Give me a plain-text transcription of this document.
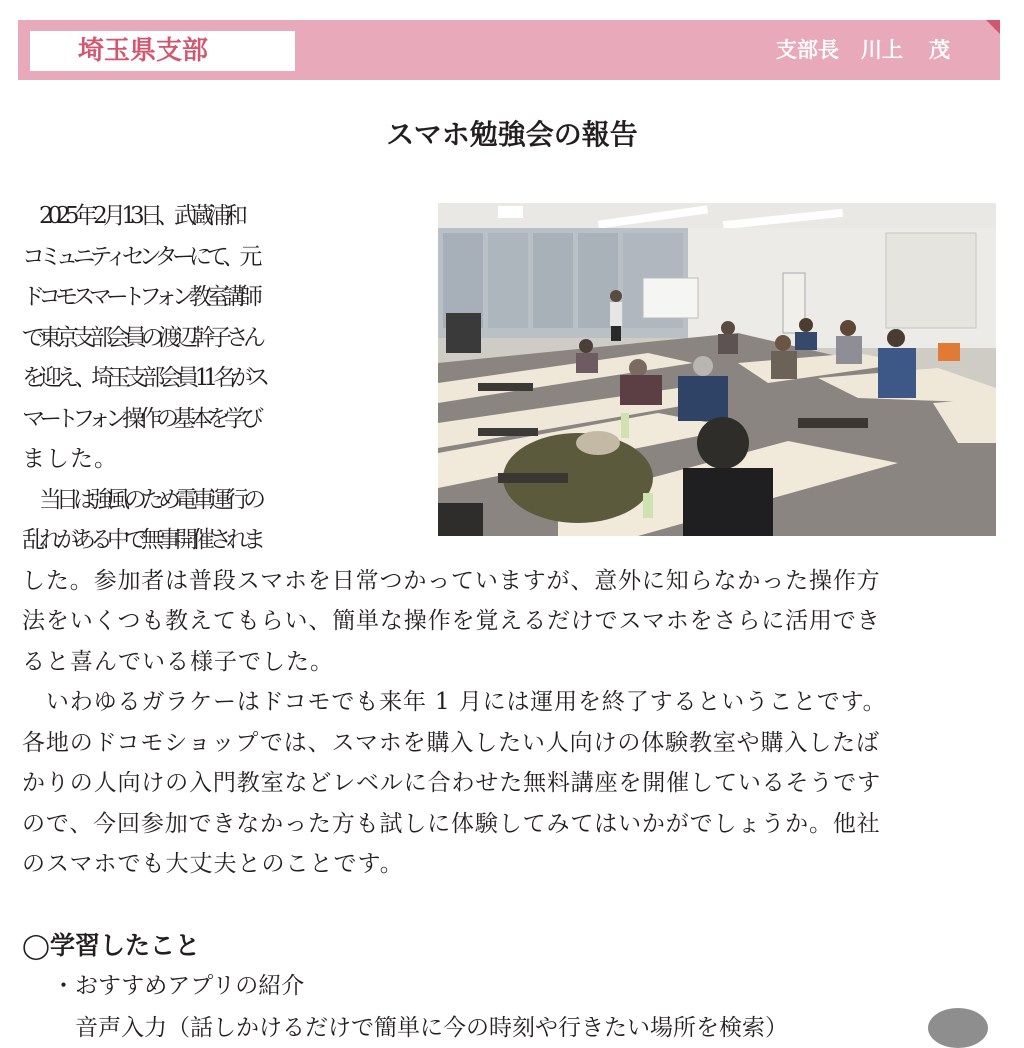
埼玉県支部	支部長 川上 茂
スマホ勉強会の報告
　2025 年 2 月 13 日、武蔵浦和
コミュニティセンターにて、元
ドコモスマートフォン教室講師
で東京支部会員の渡辺幹子さん
を迎え、埼玉支部会員 11 名がス
マートフォン操作の基本を学び
ました。
　当日は強風のため電車運行の
乱れがある中で無事開催されま
した。参加者は普段スマホを日常つかっていますが、意外に知らなかった操作方
法をいくつも教えてもらい、簡単な操作を覚えるだけでスマホをさらに活用でき
ると喜んでいる様子でした。
　いわゆるガラケーはドコモでも来年 1 月には運用を終了するということです。
各地のドコモショップでは、スマホを購入したい人向けの体験教室や購入したば
かりの人向けの入門教室などレベルに合わせた無料講座を開催しているそうです
ので、今回参加できなかった方も試しに体験してみてはいかがでしょうか。他社
のスマホでも大丈夫とのことです。
◯学習したこと
・おすすめアプリの紹介
　音声入力（話しかけるだけで簡単に今の時刻や行きたい場所を検索）
